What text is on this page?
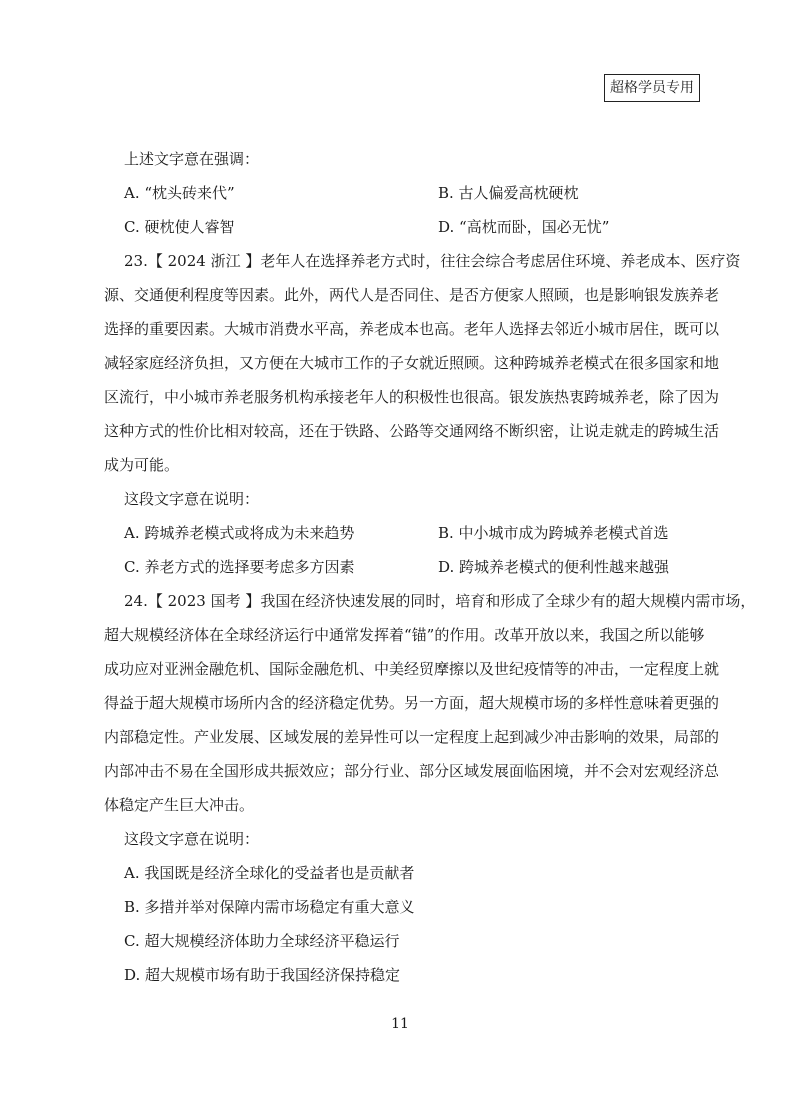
超格学员专用
上述文字意在强调：
A. “枕头砖来代”	B. 古人偏爱高枕硬枕
C. 硬枕使人睿智	D. “高枕而卧，国必无忧”
23.【 2024 浙江 】老年人在选择养老方式时，往往会综合考虑居住环境、养老成本、医疗资
源、交通便利程度等因素。此外，两代人是否同住、是否方便家人照顾，也是影响银发族养老
选择的重要因素。大城市消费水平高，养老成本也高。老年人选择去邻近小城市居住，既可以
减轻家庭经济负担，又方便在大城市工作的子女就近照顾。这种跨城养老模式在很多国家和地
区流行，中小城市养老服务机构承接老年人的积极性也很高。银发族热衷跨城养老，除了因为
这种方式的性价比相对较高，还在于铁路、公路等交通网络不断织密，让说走就走的跨城生活
成为可能。
这段文字意在说明：
A. 跨城养老模式或将成为未来趋势	B. 中小城市成为跨城养老模式首选
C. 养老方式的选择要考虑多方因素	D. 跨城养老模式的便利性越来越强
24.【 2023 国考 】我国在经济快速发展的同时，培育和形成了全球少有的超大规模内需市场，
超大规模经济体在全球经济运行中通常发挥着“锚”的作用。改革开放以来，我国之所以能够
成功应对亚洲金融危机、国际金融危机、中美经贸摩擦以及世纪疫情等的冲击，一定程度上就
得益于超大规模市场所内含的经济稳定优势。另一方面，超大规模市场的多样性意味着更强的
内部稳定性。产业发展、区域发展的差异性可以一定程度上起到减少冲击影响的效果，局部的
内部冲击不易在全国形成共振效应；部分行业、部分区域发展面临困境，并不会对宏观经济总
体稳定产生巨大冲击。
这段文字意在说明：
A. 我国既是经济全球化的受益者也是贡献者
B. 多措并举对保障内需市场稳定有重大意义
C. 超大规模经济体助力全球经济平稳运行
D. 超大规模市场有助于我国经济保持稳定
11
